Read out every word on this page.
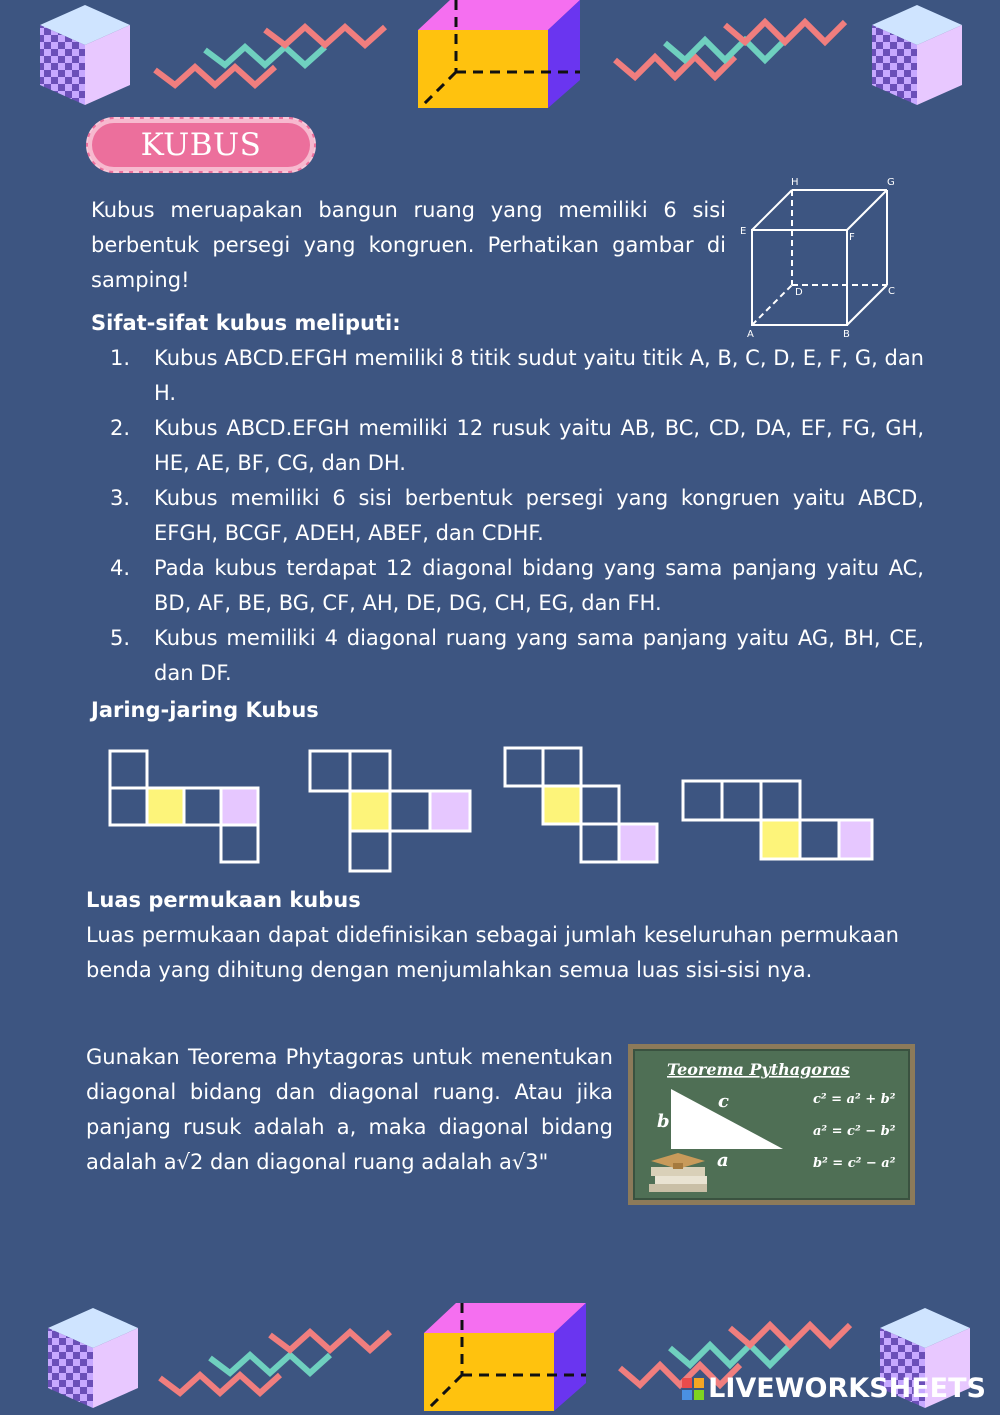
KUBUS
Kubus meruapakan bangun ruang yang memiliki 6 sisi berbentuk persegi yang kongruen. Perhatikan gambar di samping!
H	G
E
F
D	C
A	B
Sifat-sifat kubus meliputi:
1.	Kubus ABCD.EFGH memiliki 8 titik sudut yaitu titik A, B, C, D, E, F, G, dan H.
2.	Kubus ABCD.EFGH memiliki 12 rusuk yaitu AB, BC, CD, DA, EF, FG, GH, HE, AE, BF, CG, dan DH.
3.	Kubus memiliki 6 sisi berbentuk persegi yang kongruen yaitu ABCD, EFGH, BCGF, ADEH, ABEF, dan CDHF.
4.	Pada kubus terdapat 12 diagonal bidang yang sama panjang yaitu AC, BD, AF, BE, BG, CF, AH, DE, DG, CH, EG, dan FH.
5.	Kubus memiliki 4 diagonal ruang yang sama panjang yaitu AG, BH, CE, dan DF.
Jaring-jaring Kubus
Luas permukaan kubus
Luas permukaan dapat didefinisikan sebagai jumlah keseluruhan permukaan benda yang dihitung dengan menjumlahkan semua luas sisi-sisi nya.
Gunakan Teorema Phytagoras untuk menentukan diagonal bidang dan diagonal ruang. Atau jika panjang rusuk adalah a, maka diagonal bidang adalah a√2 dan diagonal ruang adalah a√3"
Teorema Pythagoras
c
b
a
c² = a² + b²
a² = c² − b²
b² = c² − a²
LIVEWORKSHEETS
